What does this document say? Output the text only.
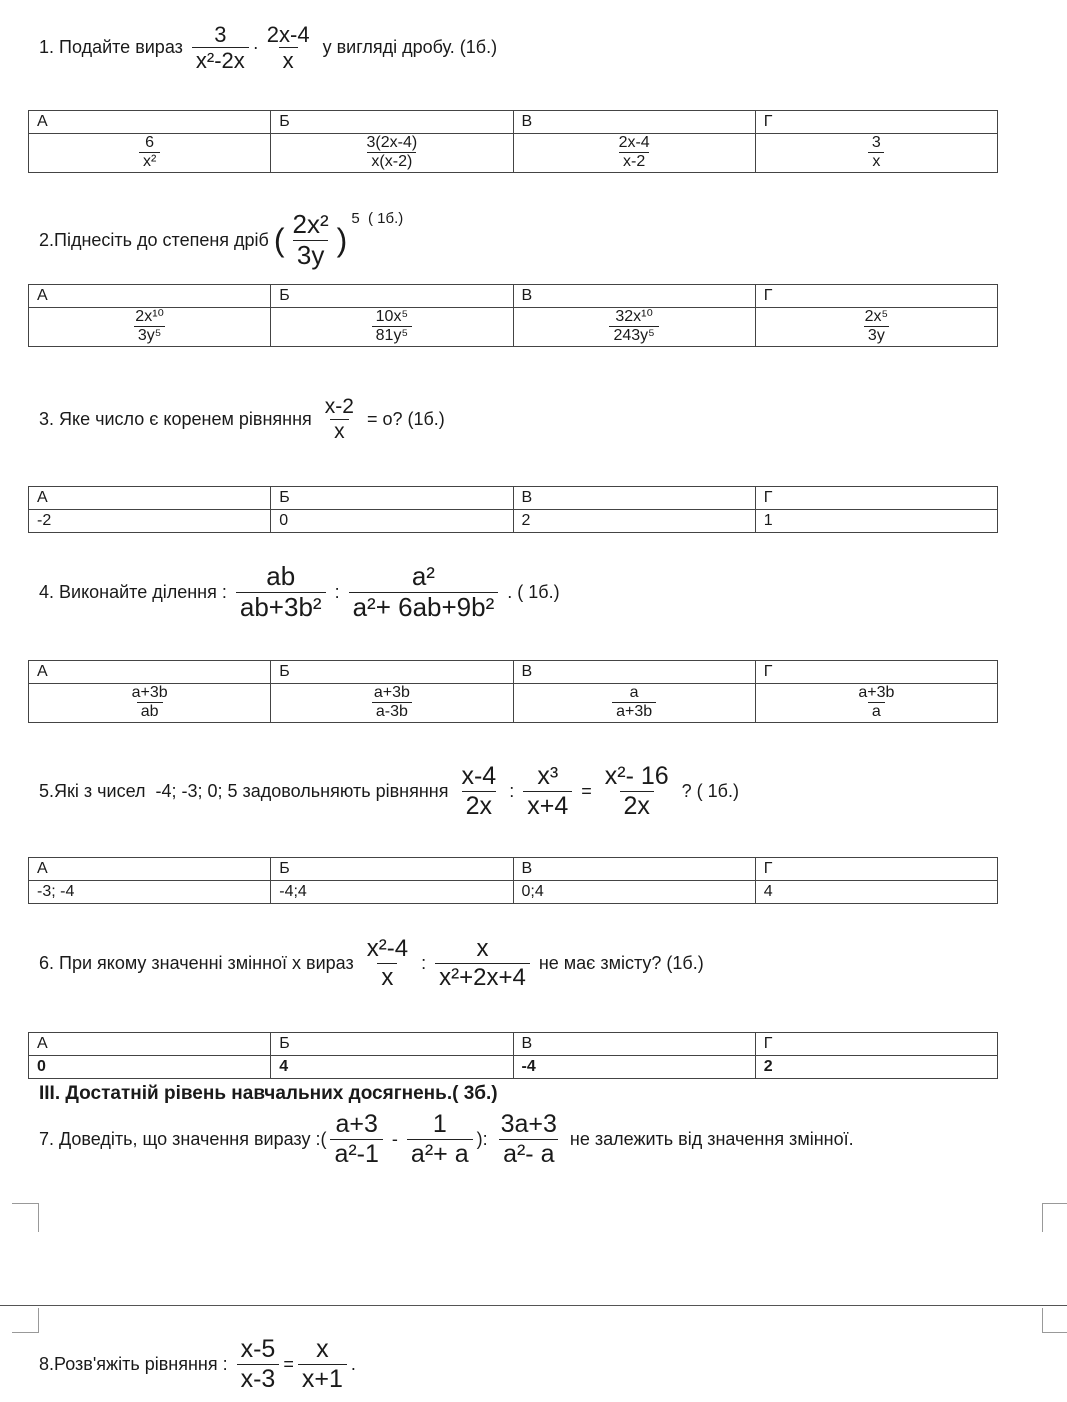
ІІІ. Достатній рівень навчальних досягнень.( 3б.)
1. Подайте вираз $\frac{3}{\text{x²-2x}} \cdot \frac{2x-4}{x}$ у вигляді дробу. (1б.)
2.Піднесіть до степеня дріб ( $\frac{\text{2x²}}{3y}$ )
5  ( 1б.)
3. Яке число є коренем рівняння $\frac{x-2}{x} = о$? (1б.)
4. Виконайте ділення : $\frac{ab}{\text{ab+3b²}}$ : $\frac{\text{a²}}{\text{a²+ 6ab+9b²}}$ . ( 1б.)
5.Які з чисел  -4; -3; 0; 5 задовольняють рівняння $\frac{x-4}{2x}$ : $\frac{\text{x³}}{x+4} = \frac{\text{x²- 16}}{2x}$ ? ( 1б.)
6. При якому значенні змінної х вираз $\frac{\text{x²-4}}{x}$ : $\frac{x}{\text{x²+2x+4}}$ не має змісту? (1б.)
7. Доведіть, що значення виразу :( $\frac{a+3}{\text{a²-1}} - \frac{1}{\text{a²+ a}}$ ): $\frac{3a+3}{\text{a²- a}}$ не залежить від значення змінної.
8.Розв'яжіть рівняння : $\frac{x-5}{x-3} = \frac{x}{x+1}$ .
А	Б	В	Г

$\frac{6}{\text{x²}}$	$\frac{3(2x-4)}{x(x-2)}$	$\frac{2x-4}{x-2}$	$\frac{3}{x}$
А	Б	В	Г

$\frac{\text{2x¹⁰}}{\text{3y⁵}}$	$\frac{\text{10x⁵}}{\text{81y⁵}}$	$\frac{\text{32x¹⁰}}{\text{243y⁵}}$	$\frac{\text{2x⁵}}{3y}$
А	Б	В	Г
-2	0	2	1
А	Б	В	Г

$\frac{a+3b}{ab}$	$\frac{a+3b}{a-3b}$	$\frac{a}{a+3b}$	$\frac{a+3b}{a}$
А	Б	В	Г
-3; -4	-4;4	0;4	4
А	Б	В	Г
0	4	-4	2
